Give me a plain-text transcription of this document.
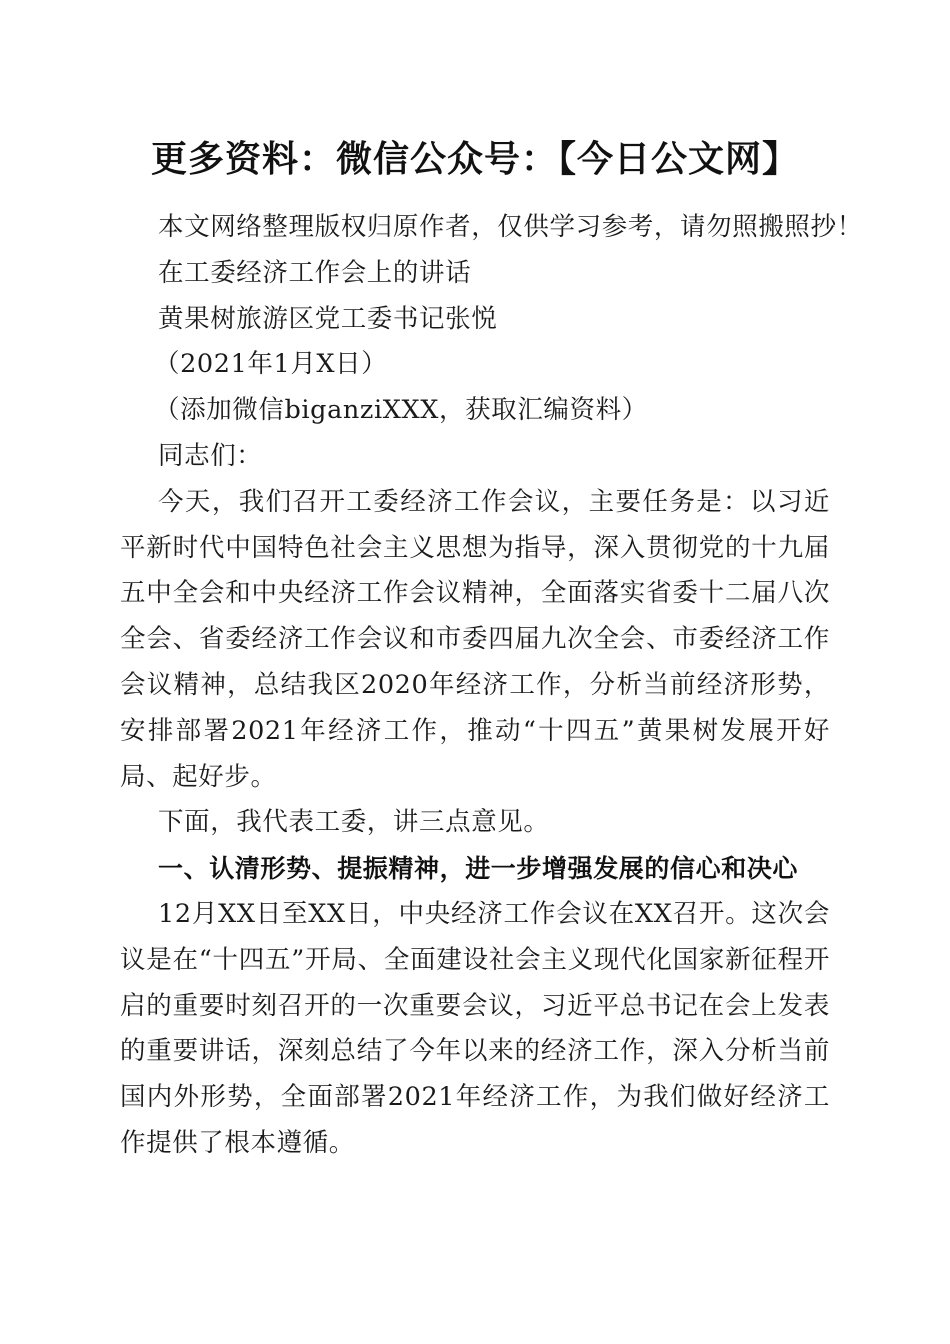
更多资料：微信公众号：【今日公文网】
本文网络整理版权归原作者，仅供学习参考，请勿照搬照抄！
在工委经济工作会上的讲话
黄果树旅游区党工委书记张悦
（2021年1月X日）
（添加微信biganziXXX，获取汇编资料）
同志们：
今天，我们召开工委经济工作会议，主要任务是：以习近平新时代中国特色社会主义思想为指导，深入贯彻党的十九届五中全会和中央经济工作会议精神，全面落实省委十二届八次全会、省委经济工作会议和市委四届九次全会、市委经济工作会议精神，总结我区2020年经济工作，分析当前经济形势，安排部署2021年经济工作，推动“十四五”黄果树发展开好局、起好步。
下面，我代表工委，讲三点意见。
一、认清形势、提振精神，进一步增强发展的信心和决心
12月XX日至XX日，中央经济工作会议在XX召开。这次会议是在“十四五”开局、全面建设社会主义现代化国家新征程开启的重要时刻召开的一次重要会议，习近平总书记在会上发表的重要讲话，深刻总结了今年以来的经济工作，深入分析当前国内外形势，全面部署2021年经济工作，为我们做好经济工作提供了根本遵循。
